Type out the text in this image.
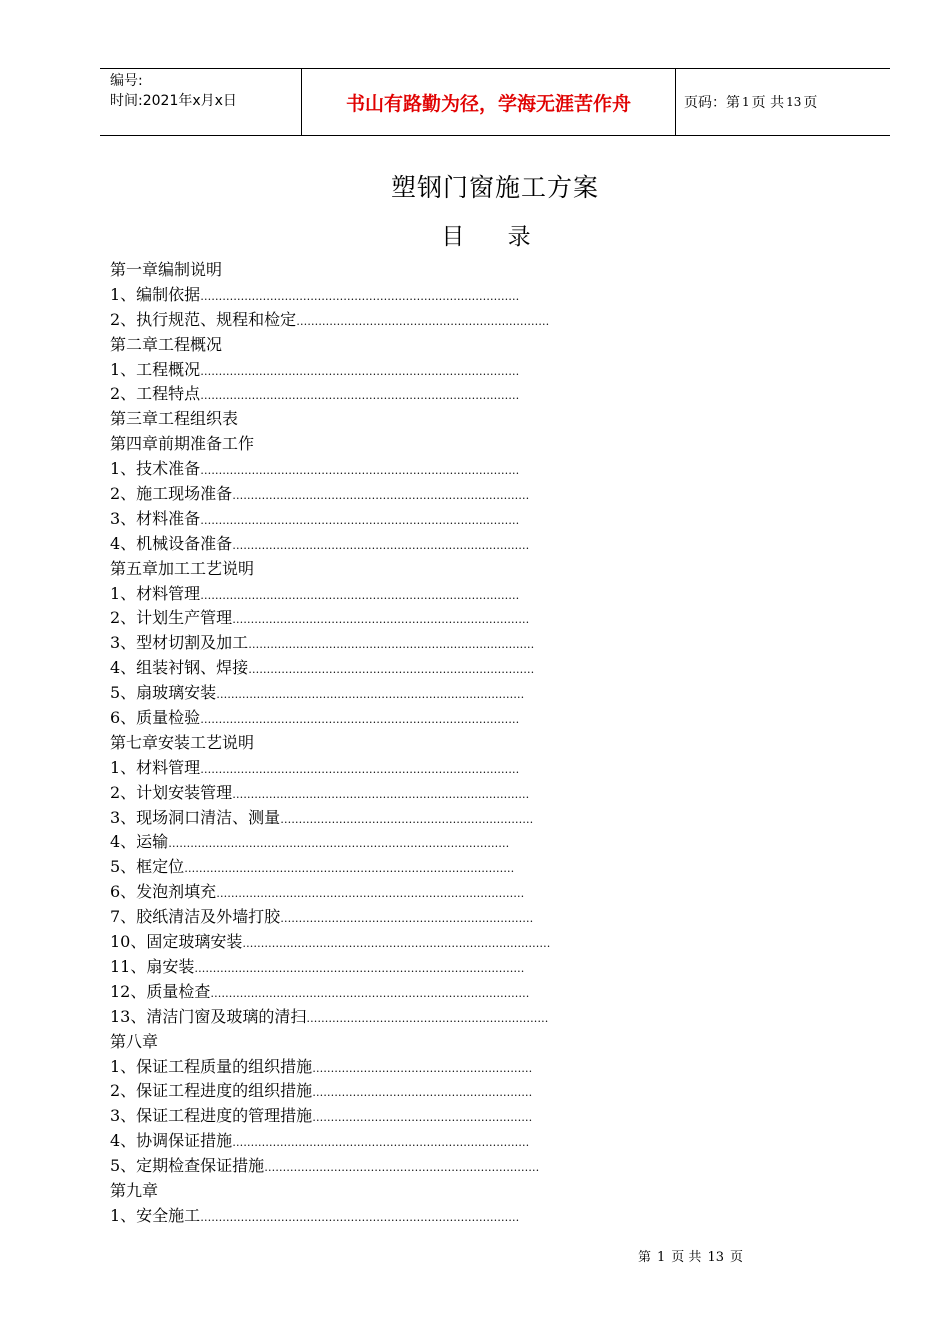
编号:
时间:2021年x月x日	书山有路勤为径，学海无涯苦作舟	页码：第 1 页 共 13 页
塑钢门窗施工方案
目 录
第一章编制说明
1、编制依据……………………………………………………………………………
2、执行规范、规程和检定……………………………………………………………
第二章工程概况
1、工程概况……………………………………………………………………………
2、工程特点……………………………………………………………………………
第三章工程组织表
第四章前期准备工作
1、技术准备……………………………………………………………………………
2、施工现场准备………………………………………………………………………
3、材料准备……………………………………………………………………………
4、机械设备准备………………………………………………………………………
第五章加工工艺说明
1、材料管理……………………………………………………………………………
2、计划生产管理………………………………………………………………………
3、型材切割及加工……………………………………………………………………
4、组装衬钢、焊接……………………………………………………………………
5、扇玻璃安装…………………………………………………………………………
6、质量检验……………………………………………………………………………
第七章安装工艺说明
1、材料管理……………………………………………………………………………
2、计划安装管理………………………………………………………………………
3、现场洞口清洁、测量……………………………………………………………
4、运输…………………………………………………………………………………
5、框定位………………………………………………………………………………
6、发泡剂填充…………………………………………………………………………
7、胶纸清洁及外墙打胶……………………………………………………………
10、固定玻璃安装…………………………………………………………………………
11、扇安装………………………………………………………………………………
12、质量检查……………………………………………………………………………
13、清洁门窗及玻璃的清扫…………………………………………………………
第八章
1、保证工程质量的组织措施……………………………………………………
2、保证工程进度的组织措施……………………………………………………
3、保证工程进度的管理措施……………………………………………………
4、协调保证措施………………………………………………………………………
5、定期检查保证措施…………………………………………………………………
第九章
1、安全施工……………………………………………………………………………
第 1 页 共 13 页
